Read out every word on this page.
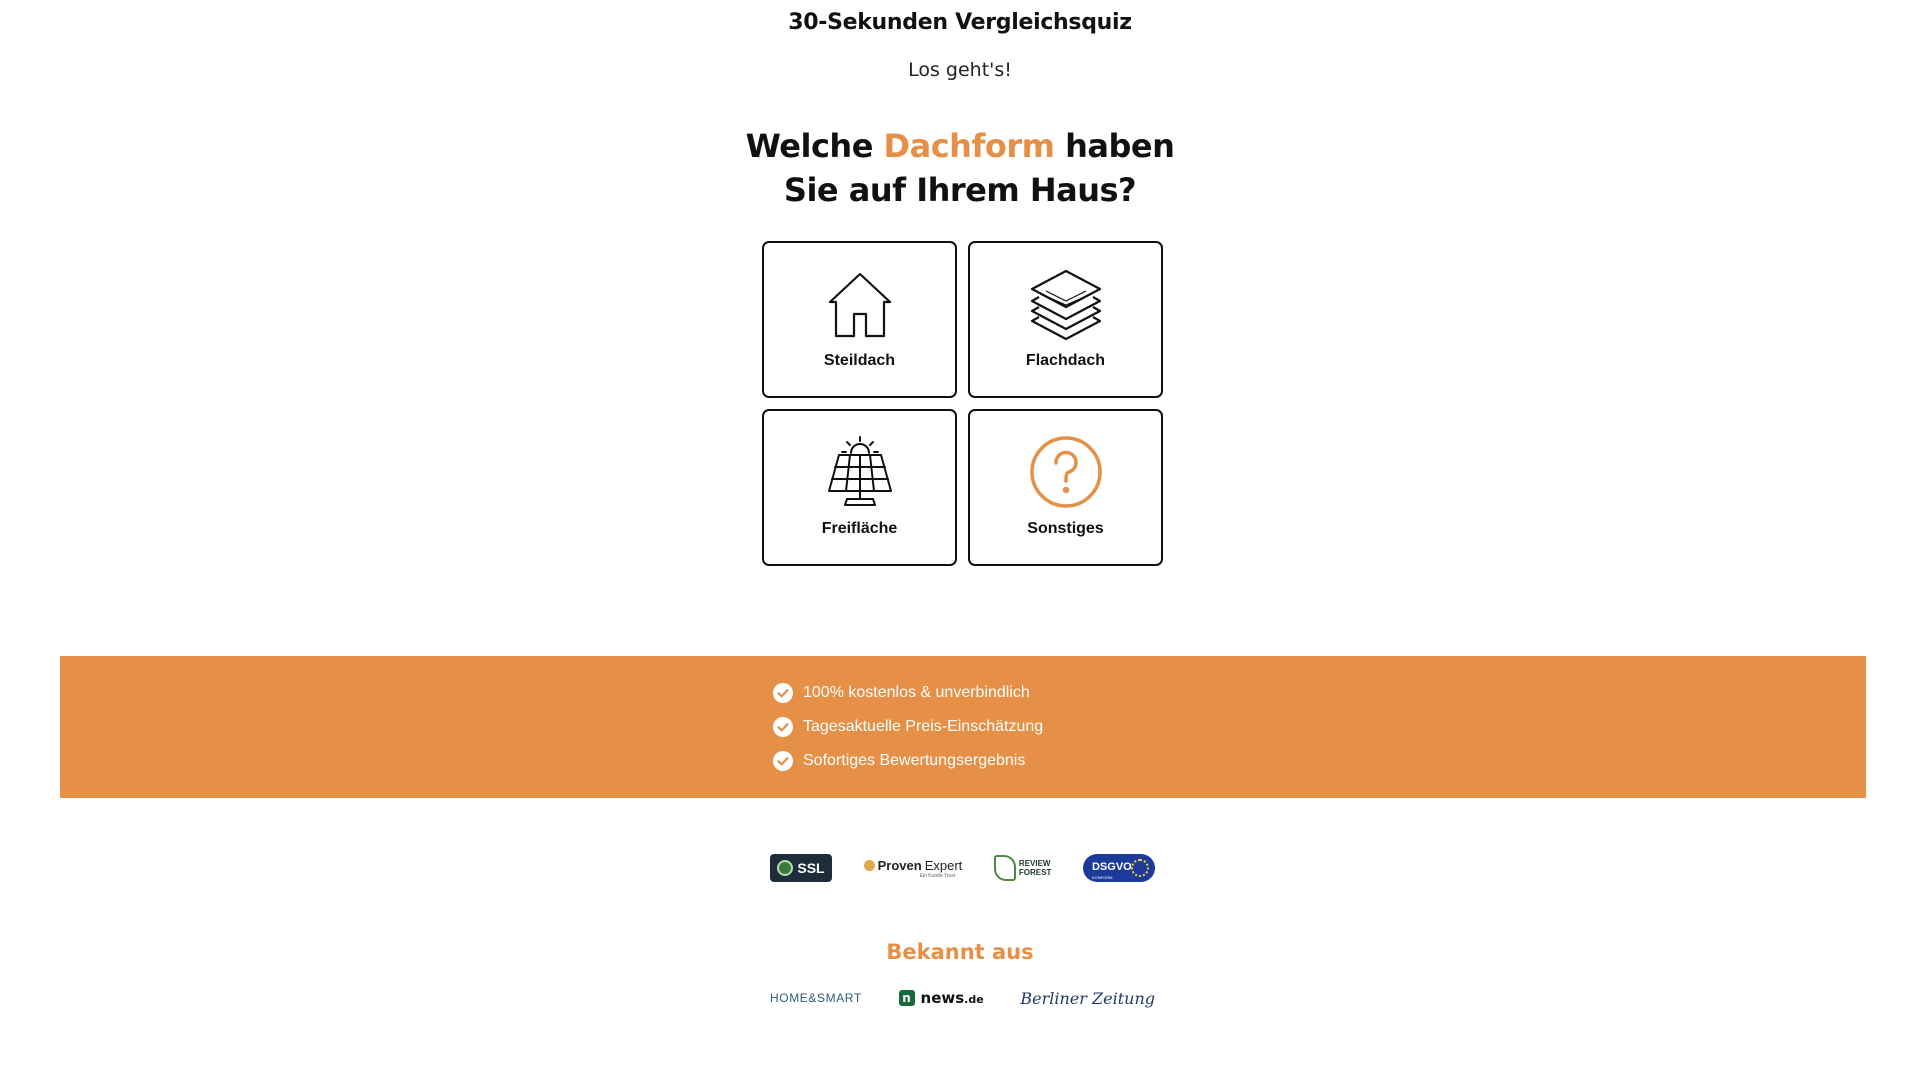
30-Sekunden Vergleichsquiz
Los geht's!
Welche Dachform haben
Sie auf Ihrem Haus?
Steildach	Flachdach
Freifläche	Sonstiges
100% kostenlos & unverbindlich
Tagesaktuelle Preis-Einschätzung
Sofortiges Bewertungsergebnis
SSL	Proven Expert
Ein Kunde Trust
REVIEW
FOREST	DSGVO
KONFORM
Bekannt aus
HOME&SMART	n news.de Berliner Zeitung
